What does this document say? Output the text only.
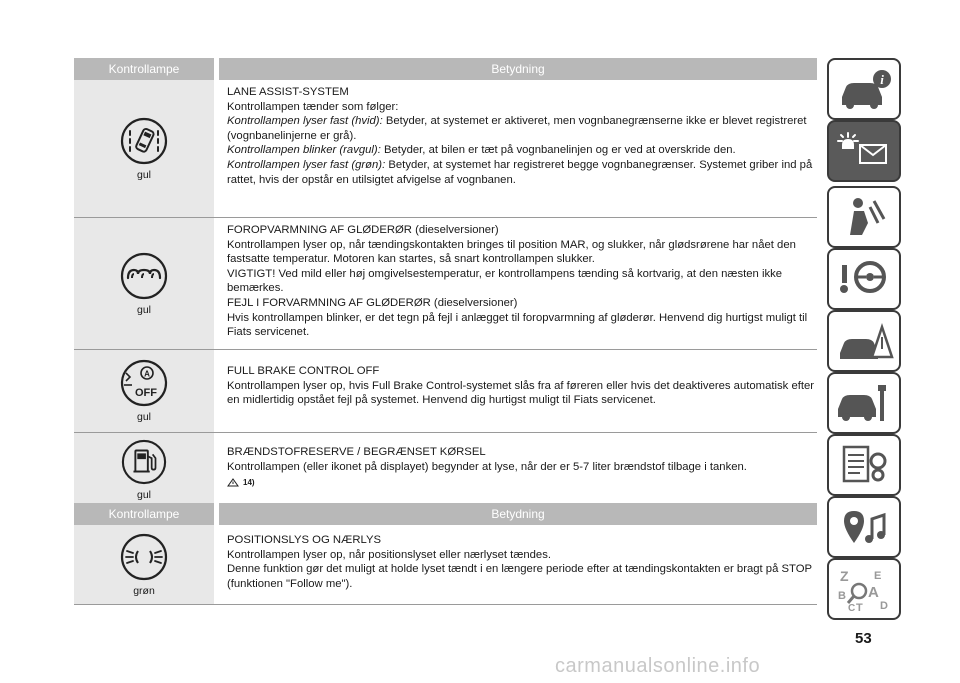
Kontrollampe	Betydning
gul

LANE ASSIST-SYSTEM

Kontrollampen tænder som følger:

Kontrollampen lyser fast (hvid): Betyder, at systemet er aktiveret, men vognbanegrænserne ikke er blevet registreret (vognbanelinjerne er grå).

Kontrollampen blinker (ravgul): Betyder, at bilen er tæt på vognbanelinjen og er ved at overskride den.

Kontrollampen lyser fast (grøn): Betyder, at systemet har registreret begge vognbanegrænser. Systemet griber ind på rattet, hvis der opstår en utilsigtet afvigelse af vognbanen.

gul

FOROPVARMNING AF GLØDERØR (dieselversioner)

Kontrollampen lyser op, når tændingskontakten bringes til position MAR, og slukker, når glødsrørene har nået den fastsatte temperatur. Motoren kan startes, så snart kontrollampen slukker.

VIGTIGT! Ved mild eller høj omgivelsestemperatur, er kontrollampens tænding så kortvarig, at den næsten ikke bemærkes.

FEJL I FORVARMNING AF GLØDERØR (dieselversioner)

Hvis kontrollampen blinker, er det tegn på fejl i anlægget til foropvarmning af gløderør. Henvend dig hurtigst muligt til Fiats servicenet.

A
OFF
gul

FULL BRAKE CONTROL OFF

Kontrollampen lyser op, hvis Full Brake Control-systemet slås fra af føreren eller hvis det deaktiveres automatisk efter en midlertidig opstået fejl på systemet. Henvend dig hurtigst muligt til Fiats servicenet.

gul

BRÆNDSTOFRESERVE / BEGRÆNSET KØRSEL

Kontrollampen (eller ikonet på displayet) begynder at lyse, når der er 5-7 liter brændstof tilbage i tanken.

14)
Kontrollampe	Betydning
grøn

POSITIONSLYS OG NÆRLYS

Kontrollampen lyser op, når positionslyset eller nærlyset tændes.

Denne funktion gør det muligt at holde lyset tændt i en længere periode efter at tændingskontakten er bragt på STOP (funktionen "Follow me").

i
Z E
B A
T D
C
53
carmanualsonline.info
